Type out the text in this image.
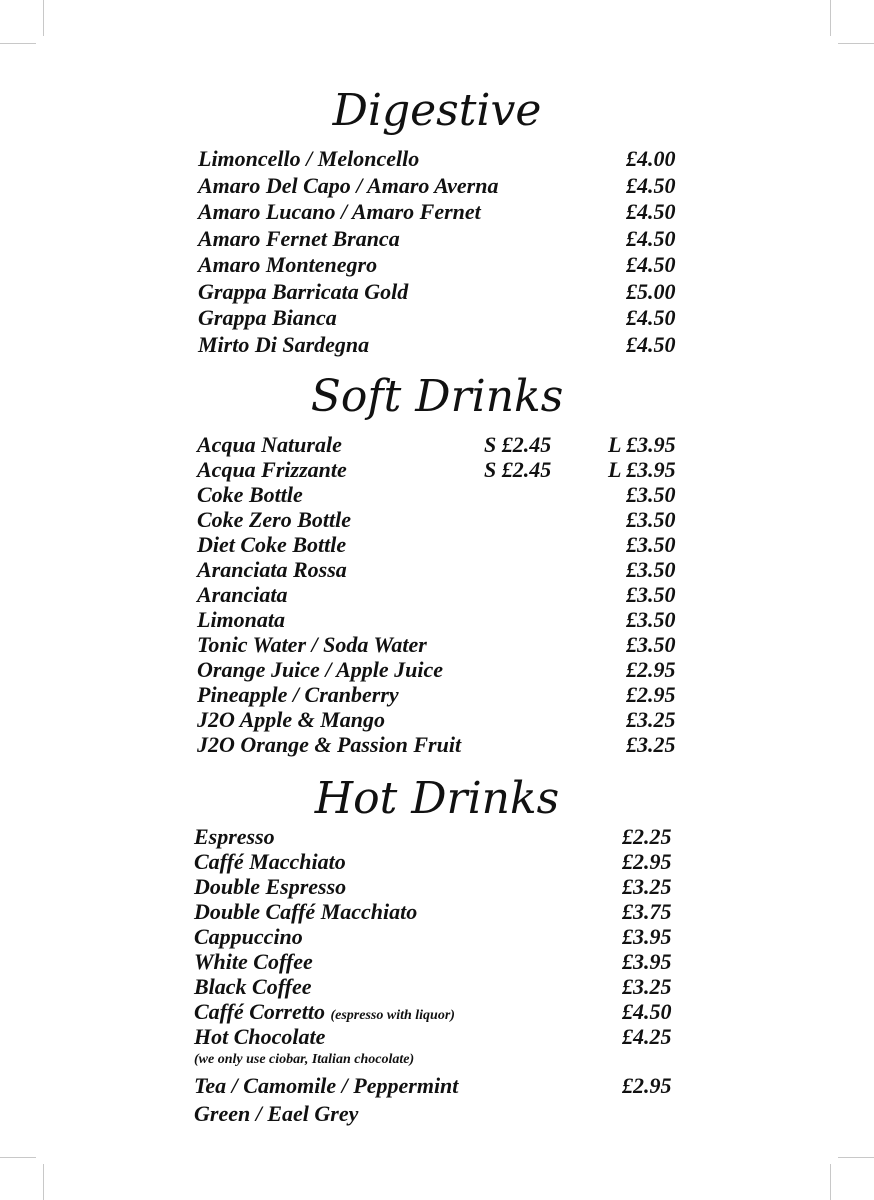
Digestive
Limoncello / Meloncello	£4.00
Amaro Del Capo / Amaro Averna	£4.50
Amaro Lucano / Amaro Fernet	£4.50
Amaro Fernet Branca	£4.50
Amaro Montenegro	£4.50
Grappa Barricata Gold	£5.00
Grappa Bianca	£4.50
Mirto Di Sardegna	£4.50
Soft Drinks
Acqua Naturale	S £2.45	L £3.95
Acqua Frizzante	S £2.45	L £3.95
Coke Bottle	£3.50
Coke Zero Bottle	£3.50
Diet Coke Bottle	£3.50
Aranciata Rossa	£3.50
Aranciata	£3.50
Limonata	£3.50
Tonic Water / Soda Water	£3.50
Orange Juice / Apple Juice	£2.95
Pineapple / Cranberry	£2.95
J2O Apple & Mango	£3.25
J2O Orange & Passion Fruit	£3.25
Hot Drinks
Espresso	£2.25
Caffé Macchiato	£2.95
Double Espresso	£3.25
Double Caffé Macchiato	£3.75
Cappuccino	£3.95
White Coffee	£3.95
Black Coffee	£3.25
Caffé Corretto (espresso with liquor)	£4.50
Hot Chocolate	£4.25
(we only use ciobar, Italian chocolate)
Tea / Camomile / Peppermint	£2.95
Green / Eael Grey
